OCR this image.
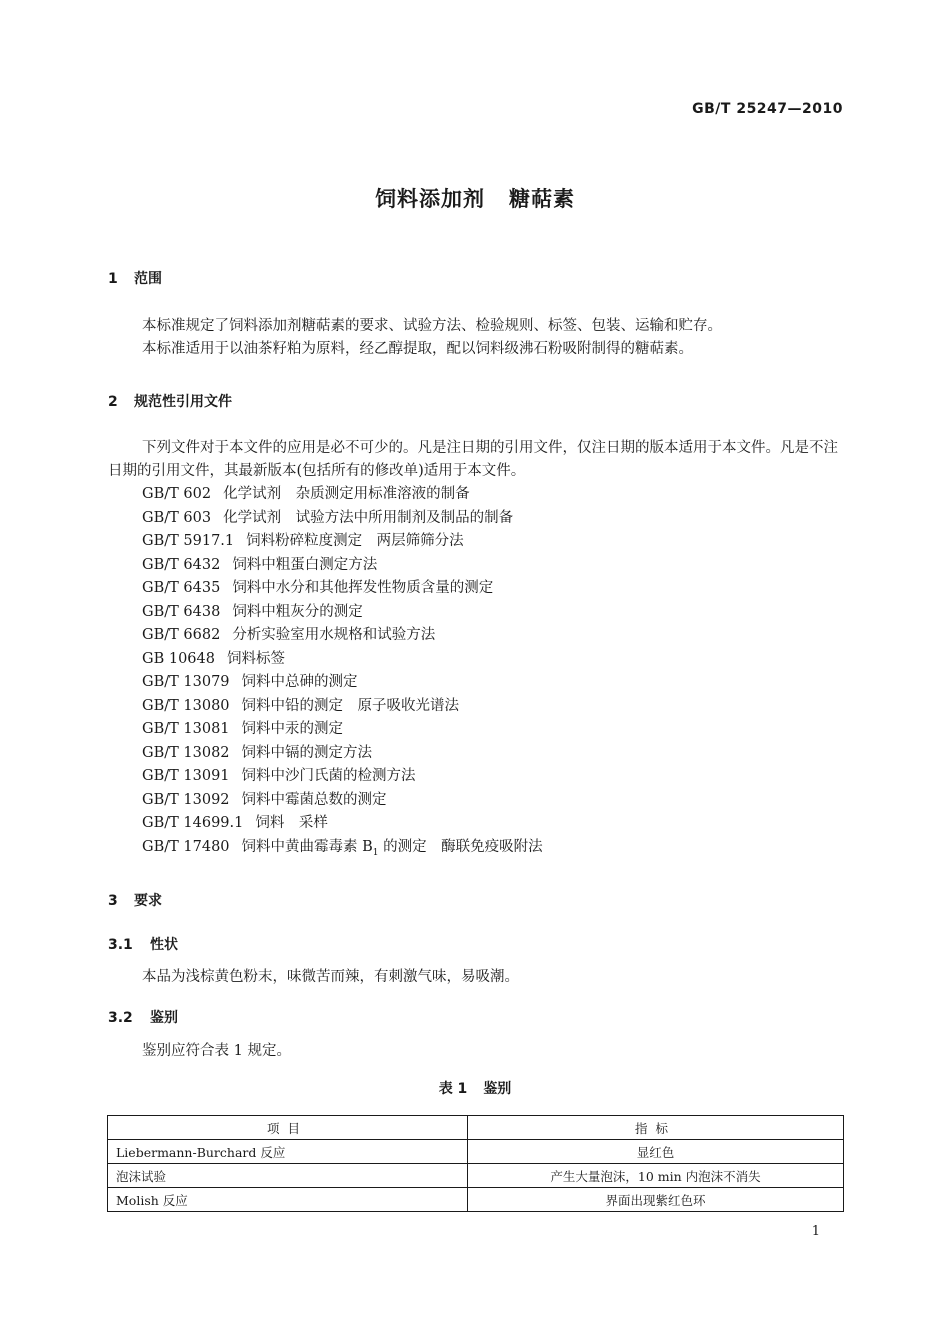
GB/T 25247—2010
饲料添加剂 糖萜素
1 范围
本标准规定了饲料添加剂糖萜素的要求、试验方法、检验规则、标签、包装、运输和贮存。
本标准适用于以油茶籽粕为原料，经乙醇提取，配以饲料级沸石粉吸附制得的糖萜素。
2 规范性引用文件
下列文件对于本文件的应用是必不可少的。凡是注日期的引用文件，仅注日期的版本适用于本文件。凡是不注日期的引用文件，其最新版本(包括所有的修改单)适用于本文件。
GB/T 602 化学试剂　杂质测定用标准溶液的制备
GB/T 603 化学试剂　试验方法中所用制剂及制品的制备
GB/T 5917.1 饲料粉碎粒度测定　两层筛筛分法
GB/T 6432 饲料中粗蛋白测定方法
GB/T 6435 饲料中水分和其他挥发性物质含量的测定
GB/T 6438 饲料中粗灰分的测定
GB/T 6682 分析实验室用水规格和试验方法
GB 10648 饲料标签
GB/T 13079 饲料中总砷的测定
GB/T 13080 饲料中铅的测定　原子吸收光谱法
GB/T 13081 饲料中汞的测定
GB/T 13082 饲料中镉的测定方法
GB/T 13091 饲料中沙门氏菌的检测方法
GB/T 13092 饲料中霉菌总数的测定
GB/T 14699.1 饲料　采样
GB/T 17480 饲料中黄曲霉毒素 $B_1$ 的测定　酶联免疫吸附法
3 要求
3.1 性状
本品为浅棕黄色粉末，味微苦而辣，有刺激气味，易吸潮。
3.2 鉴别
鉴别应符合表 1 规定。
表 1 鉴别
项目	指标
Liebermann-Burchard 反应	显红色
泡沫试验	产生大量泡沫，10 min 内泡沫不消失
Molish 反应	界面出现紫红色环
1
